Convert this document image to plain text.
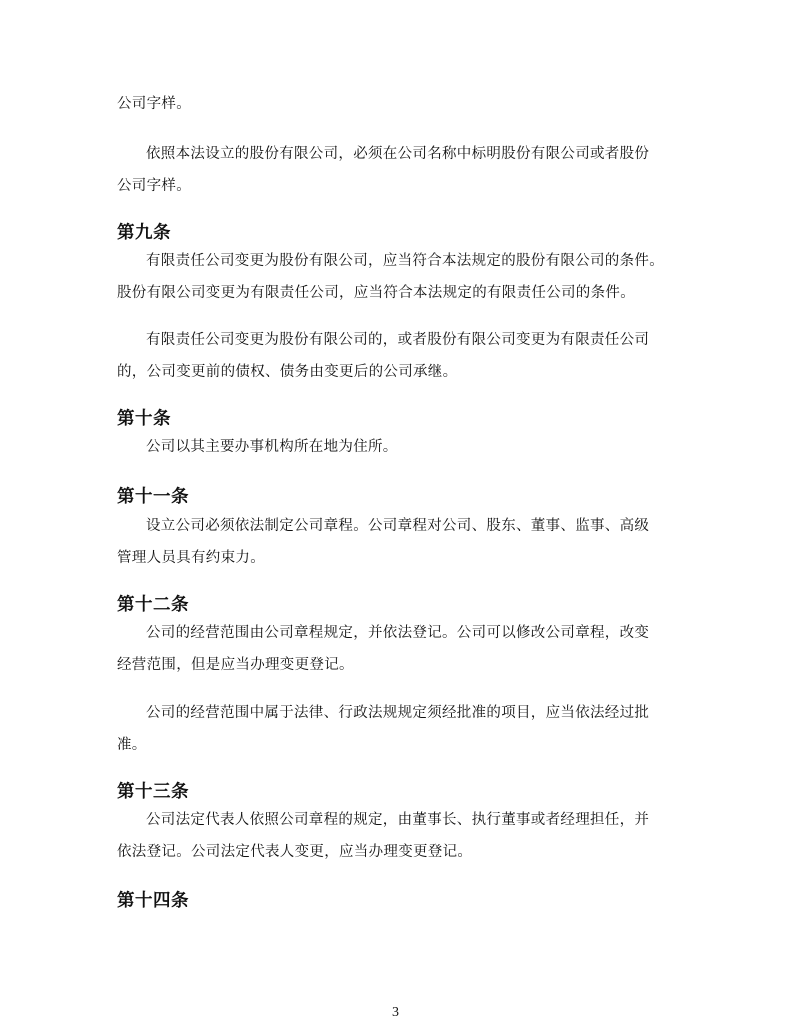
公司字样。
依照本法设立的股份有限公司，必须在公司名称中标明股份有限公司或者股份
公司字样。
第九条
有限责任公司变更为股份有限公司，应当符合本法规定的股份有限公司的条件。
股份有限公司变更为有限责任公司，应当符合本法规定的有限责任公司的条件。
有限责任公司变更为股份有限公司的，或者股份有限公司变更为有限责任公司
的，公司变更前的债权、债务由变更后的公司承继。
第十条
公司以其主要办事机构所在地为住所。
第十一条
设立公司必须依法制定公司章程。公司章程对公司、股东、董事、监事、高级
管理人员具有约束力。
第十二条
公司的经营范围由公司章程规定，并依法登记。公司可以修改公司章程，改变
经营范围，但是应当办理变更登记。
公司的经营范围中属于法律、行政法规规定须经批准的项目，应当依法经过批
准。
第十三条
公司法定代表人依照公司章程的规定，由董事长、执行董事或者经理担任，并
依法登记。公司法定代表人变更，应当办理变更登记。
第十四条
3
